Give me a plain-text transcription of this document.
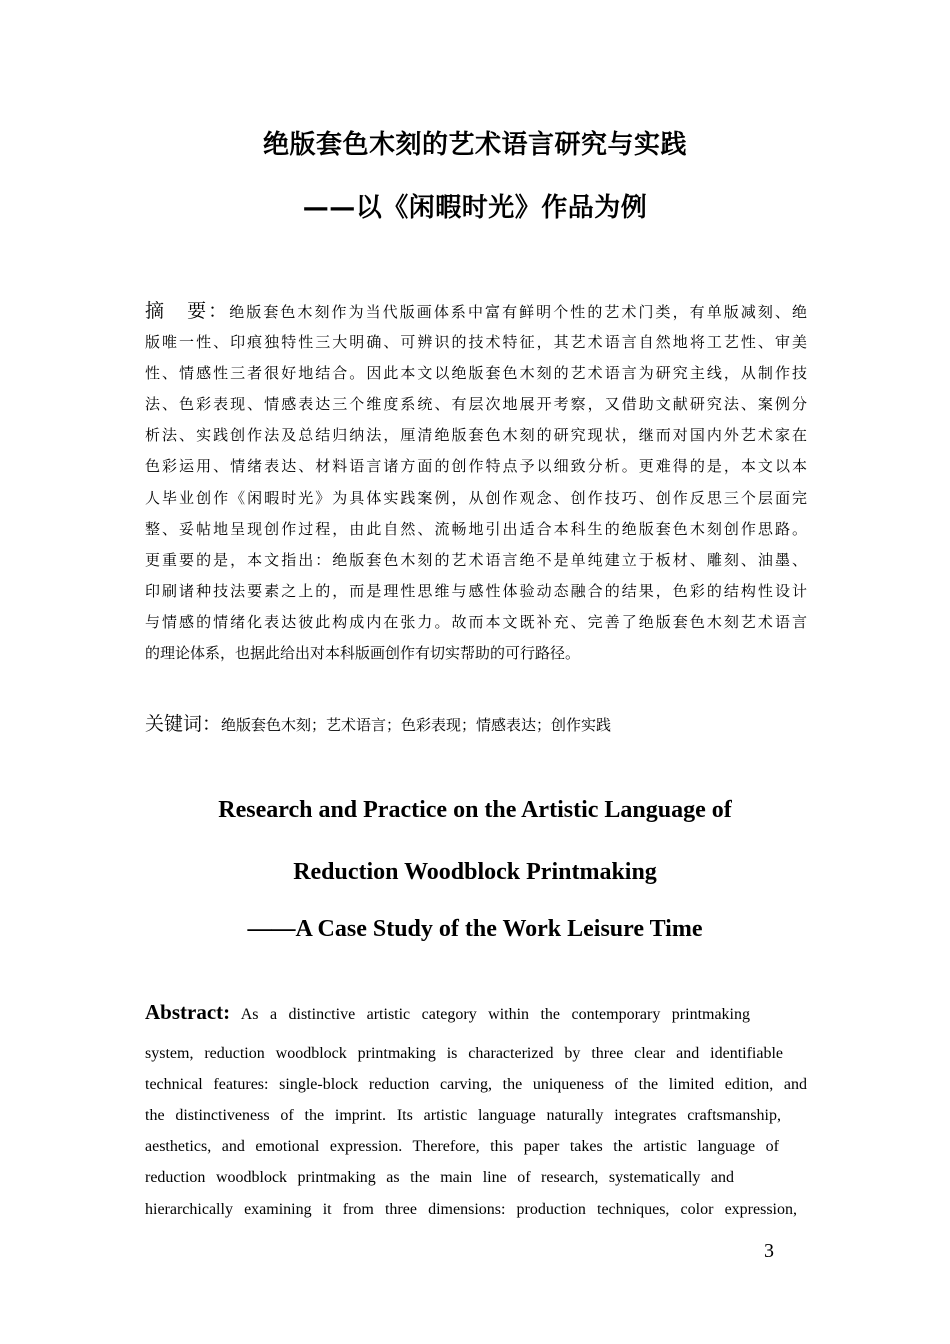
绝版套色木刻的艺术语言研究与实践
——以《闲暇时光》作品为例
摘　要：绝版套色木刻作为当代版画体系中富有鲜明个性的艺术门类，有单版减刻、绝
版唯一性、印痕独特性三大明确、可辨识的技术特征，其艺术语言自然地将工艺性、审美
性、情感性三者很好地结合。因此本文以绝版套色木刻的艺术语言为研究主线，从制作技
法、色彩表现、情感表达三个维度系统、有层次地展开考察，又借助文献研究法、案例分
析法、实践创作法及总结归纳法，厘清绝版套色木刻的研究现状，继而对国内外艺术家在
色彩运用、情绪表达、材料语言诸方面的创作特点予以细致分析。更难得的是，本文以本
人毕业创作《闲暇时光》为具体实践案例，从创作观念、创作技巧、创作反思三个层面完
整、妥帖地呈现创作过程，由此自然、流畅地引出适合本科生的绝版套色木刻创作思路。
更重要的是，本文指出：绝版套色木刻的艺术语言绝不是单纯建立于板材、雕刻、油墨、
印刷诸种技法要素之上的，而是理性思维与感性体验动态融合的结果，色彩的结构性设计
与情感的情绪化表达彼此构成内在张力。故而本文既补充、完善了绝版套色木刻艺术语言
的理论体系，也据此给出对本科版画创作有切实帮助的可行路径。
关键词：绝版套色木刻；艺术语言；色彩表现；情感表达；创作实践
Research and Practice on the Artistic Language of
Reduction Woodblock Printmaking
——A Case Study of the Work Leisure Time
Abstract: As a distinctive artistic category within the contemporary printmaking
system, reduction woodblock printmaking is characterized by three clear and identifiable
technical features: single-block reduction carving, the uniqueness of the limited edition, and
the distinctiveness of the imprint. Its artistic language naturally integrates craftsmanship,
aesthetics, and emotional expression. Therefore, this paper takes the artistic language of
reduction woodblock printmaking as the main line of research, systematically and
hierarchically examining it from three dimensions: production techniques, color expression,
3
